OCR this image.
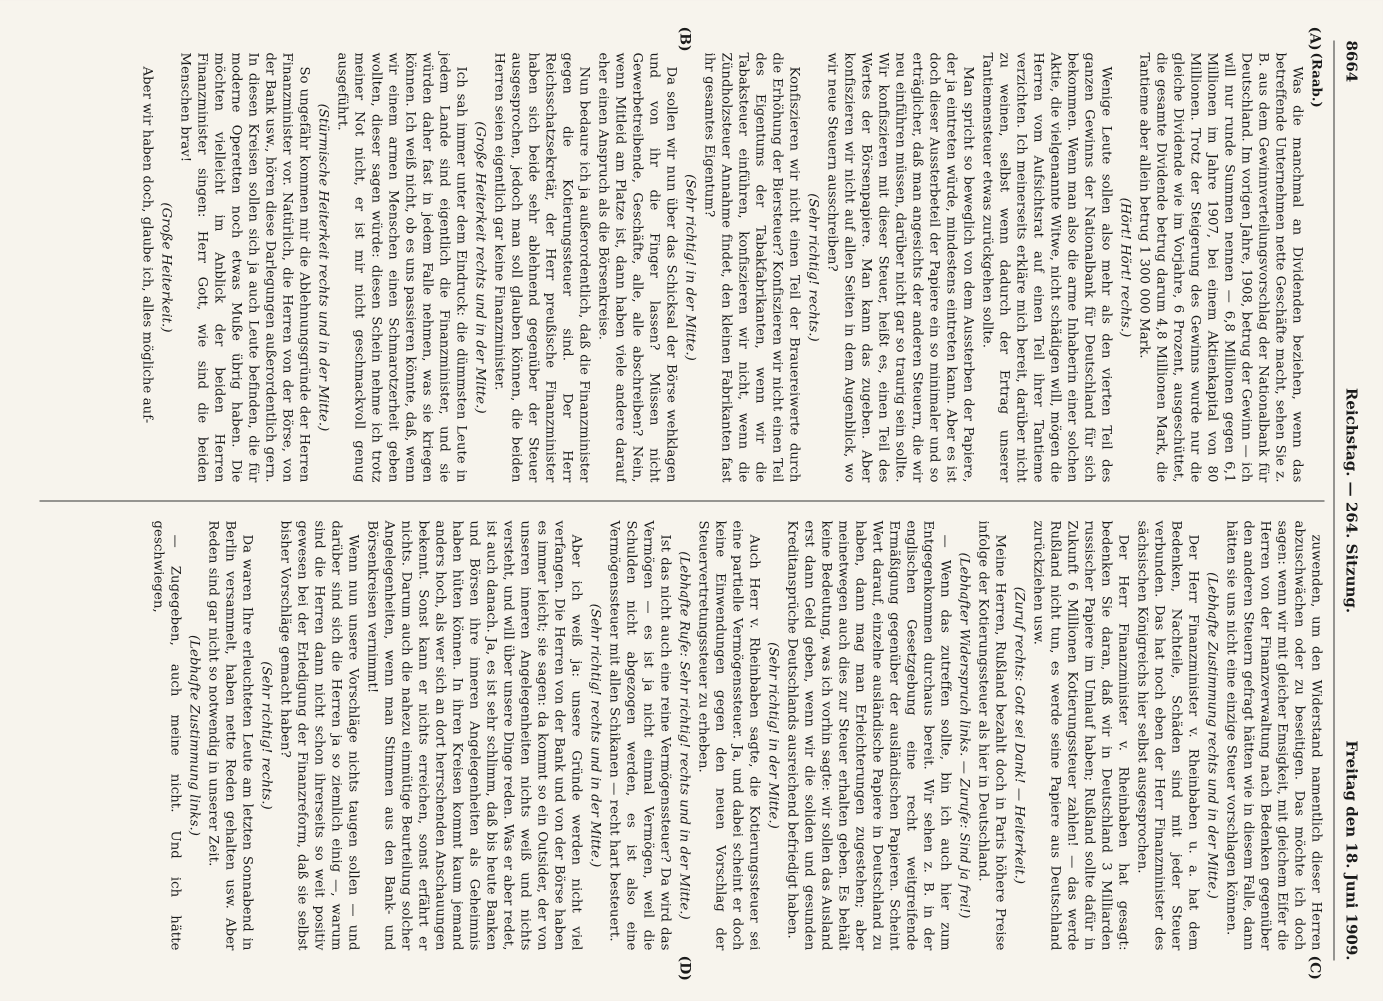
8664
Reichstag. — 264. Sitzung.
Freitag den 18. Juni 1909.
(A)
(B)
(C)
(D)

(Raab.)

Was die manchmal an Dividenden beziehen, wenn das betreffende Unternehmen nette Geschäfte macht, sehen Sie z. B. aus dem Gewinnverteilungsvorschlag der Nationalbank für Deutschland. Im vorigen Jahre, 1908, betrug der Gewinn — ich will nur runde Summen nennen — 6,8 Millionen gegen 6,1 Millionen im Jahre 1907, bei einem Aktienkapital von 80 Millionen. Trotz der Steigerung des Gewinns wurde nur die gleiche Dividende wie im Vorjahre, 6 Prozent, ausgeschüttet, die gesamte Dividende betrug darum 4,8 Millionen Mark, die Tantieme aber allein betrug 1 300 000 Mark.

(Hört! Hört! rechts.)

Wenige Leute sollen also mehr als den vierten Teil des ganzen Gewinns der Nationalbank für Deutschland für sich bekommen. Wenn man also die arme Inhaberin einer solchen Aktie, die vielgenannte Witwe, nicht schädigen will, mögen die Herren vom Aufsichtsrat auf einen Teil ihrer Tantieme verzichten. Ich meinerseits erkläre mich bereit, darüber nicht zu weinen, selbst wenn dadurch der Ertrag unserer Tantiemensteuer etwas zurückgehen sollte.

Man spricht so beweglich von dem Aussterben der Papiere, der ja eintreten würde, mindestens eintreten kann. Aber es ist doch dieser Aussterbeteil der Papiere ein so minimaler und so erträglicher, daß man angesichts der anderen Steuern, die wir neu einführen müssen, darüber nicht gar so traurig sein sollte. Wir konfiszieren mit dieser Steuer, heißt es, einen Teil des Wertes der Börsenpapiere. Man kann das zugeben. Aber konfiszieren wir nicht auf allen Seiten in dem Augenblick, wo wir neue Steuern ausschreiben?

(Sehr richtig! rechts.)

Konfiszieren wir nicht einen Teil der Brauereiwerte durch die Erhöhung der Biersteuer? Konfiszieren wir nicht einen Teil des Eigentums der Tabakfabrikanten, wenn wir die Tabaksteuer einführen, konfiszieren wir nicht, wenn die Zündholzsteuer Annahme findet, den kleinen Fabrikanten fast ihr gesamtes Eigentum?

(Sehr richtig! in der Mitte.)

Da sollen wir nun über das Schicksal der Börse wehklagen und von ihr die Finger lassen? Müssen nicht Gewerbetreibende, Geschäfte, alle, alle abschreiben? Nein, wenn Mitleid am Platze ist, dann haben viele andere darauf eher einen Anspruch als die Börsenkreise.

Nun bedaure ich ja außerordentlich, daß die Finanzminister gegen die Kotierungssteuer sind. Der Herr Reichsschatzsekretär, der Herr preußische Finanzminister haben sich beide sehr ablehnend gegenüber der Steuer ausgesprochen, jedoch man soll glauben können, die beiden Herren seien eigentlich gar keine Finanzminister.

(Große Heiterkeit rechts und in der Mitte.)

Ich sah immer unter dem Eindruck: die dümmsten Leute in jedem Lande sind eigentlich die Finanzminister, und sie würden daher fast in jedem Falle nehmen, was sie kriegen können. Ich weiß nicht, ob es uns passieren könnte, daß, wenn wir einem armen Menschen einen Schmarotzerheit geben wollten, dieser sagen würde: diesen Schein nehme ich trotz meiner Not nicht, er ist mir nicht geschmackvoll genug ausgeführt.

(Stürmische Heiterkeit rechts und in der Mitte.)

So ungefähr kommen mir die Ablehnungsgründe der Herren Finanzminister vor. Natürlich, die Herren von der Börse, von der Bank usw., hören diese Darlegungen außerordentlich gern. In diesen Kreisen sollen sich ja auch Leute befinden, die für moderne Operetten noch etwas Muße übrig haben. Die möchten vielleicht im Anblick der beiden Herren Finanzminister singen: Herr Gott, wie sind die beiden Menschen brav!

(Große Heiterkeit.)

Aber wir haben doch, glaube ich, alles mögliche auf-

zuwenden, um den Widerstand namentlich dieser Herren abzuschwächen oder zu beseitigen. Das möchte ich doch sagen: wenn wir mit gleicher Emsigkeit, mit gleichem Eifer die Herren von der Finanzverwaltung nach Bedenken gegenüber den anderen Steuern gefragt hätten wie in diesem Falle, dann hätten sie uns nicht eine einzige Steuer vorschlagen können.

(Lebhafte Zustimmung rechts und in der Mitte.)

Der Herr Finanzminister v. Rheinbaben u. a. hat dem Bedenken, Nachteile, Schäden sind mit jeder Steuer verbunden. Das hat noch eben der Herr Finanzminister des sächsischen Königreichs hier selbst ausgesprochen.

Der Herr Finanzminister v. Rheinbaben hat gesagt: bedenken Sie daran, daß wir in Deutschland 3 Milliarden russischer Papiere im Umlauf haben; Rußland sollte dafür in Zukunft 6 Millionen Kotierungssteuer zahlen! — das werde Rußland nicht tun, es werde seine Papiere aus Deutschland zurückziehen usw.

(Zuruf rechts: Gott sei Dank! — Heiterkeit.)

Meine Herren, Rußland bezahlt doch in Paris höhere Preise infolge der Kotierungssteuer als hier in Deutschland.

(Lebhafter Widerspruch links. — Zurufe: Sind ja frei!)

— Wenn das zutreffen sollte, bin ich auch hier zum Entgegenkommen durchaus bereit. Wir sehen z. B. in der englischen Gesetzgebung eine recht weitgreifende Ermäßigung gegenüber der ausländischen Papieren. Scheint Wert darauf, einzelne ausländische Papiere in Deutschland zu haben, dann mag man Erleichterungen zugestehen; aber meinetwegen auch dies zur Steuer erhalten geben. Es behält keine Bedeutung, was ich vorhin sagte: wir sollen das Ausland erst dann Geld geben, wenn wir die soliden und gesunden Kreditansprüche Deutschlands ausreichend befriedigt haben.

(Sehr richtig! in der Mitte.)

Auch Herr v. Rheinbaben sagte, die Kotierungssteuer sei eine partielle Vermögenssteuer. Ja, und dabei scheint er doch keine Einwendungen gegen den neuen Vorschlag der Steuervertretungssteuer zu erheben.

(Lebhafte Rufe: Sehr richtig! rechts und in der Mitte.)

Ist das nicht auch eine reine Vermögenssteuer? Da wird das Vermögen — es ist ja nicht einmal Vermögen, weil die Schulden nicht abgezogen werden, es ist also eine Vermögenssteuer mit allen Schikanen — recht hart besteuert.

(Sehr richtig! rechts und in der Mitte.)

Aber ich weiß ja: unsere Gründe werden nicht viel verfangen. Die Herren von der Bank und von der Börse haben es immer leicht; sie sagen: da kommt so ein Outsider, der von unseren inneren Angelegenheiten nichts weiß und nichts versteht, und will über unsere Dinge reden. Was er aber redet, ist auch danach. Ja, es ist sehr schlimm, daß bis heute Banken und Börsen ihre inneren Angelegenheiten als Geheimnis haben hüten können. In ihren Kreisen kommt kaum jemand anders hoch, als wer sich an dort herrschenden Anschauungen bekennt. Sonst kann er nichts erreichen, sonst erfährt er nichts. Darum auch die nahezu einmütige Beurteilung solcher Angelegenheiten, wenn man Stimmen aus den Bank- und Börsenkreisen vernimmt!

Wenn nun unsere Vorschläge nichts taugen sollen — und darüber sind sich die Herren ja so ziemlich einig —, warum sind die Herren dann nicht schon ihrerseits so weit positiv gewesen bei der Erledigung der Finanzreform, daß sie selbst bisher Vorschläge gemacht haben?

(Sehr richtig! rechts.)

Da waren Ihre erleuchteten Leute am letzten Sonnabend in Berlin versammelt, haben nette Reden gehalten usw. Aber Reden sind gar nicht so notwendig in unserer Zeit.

(Lebhafte Zustimmung links.)

— Zugegeben, auch meine nicht. Und ich hätte geschwiegen,
